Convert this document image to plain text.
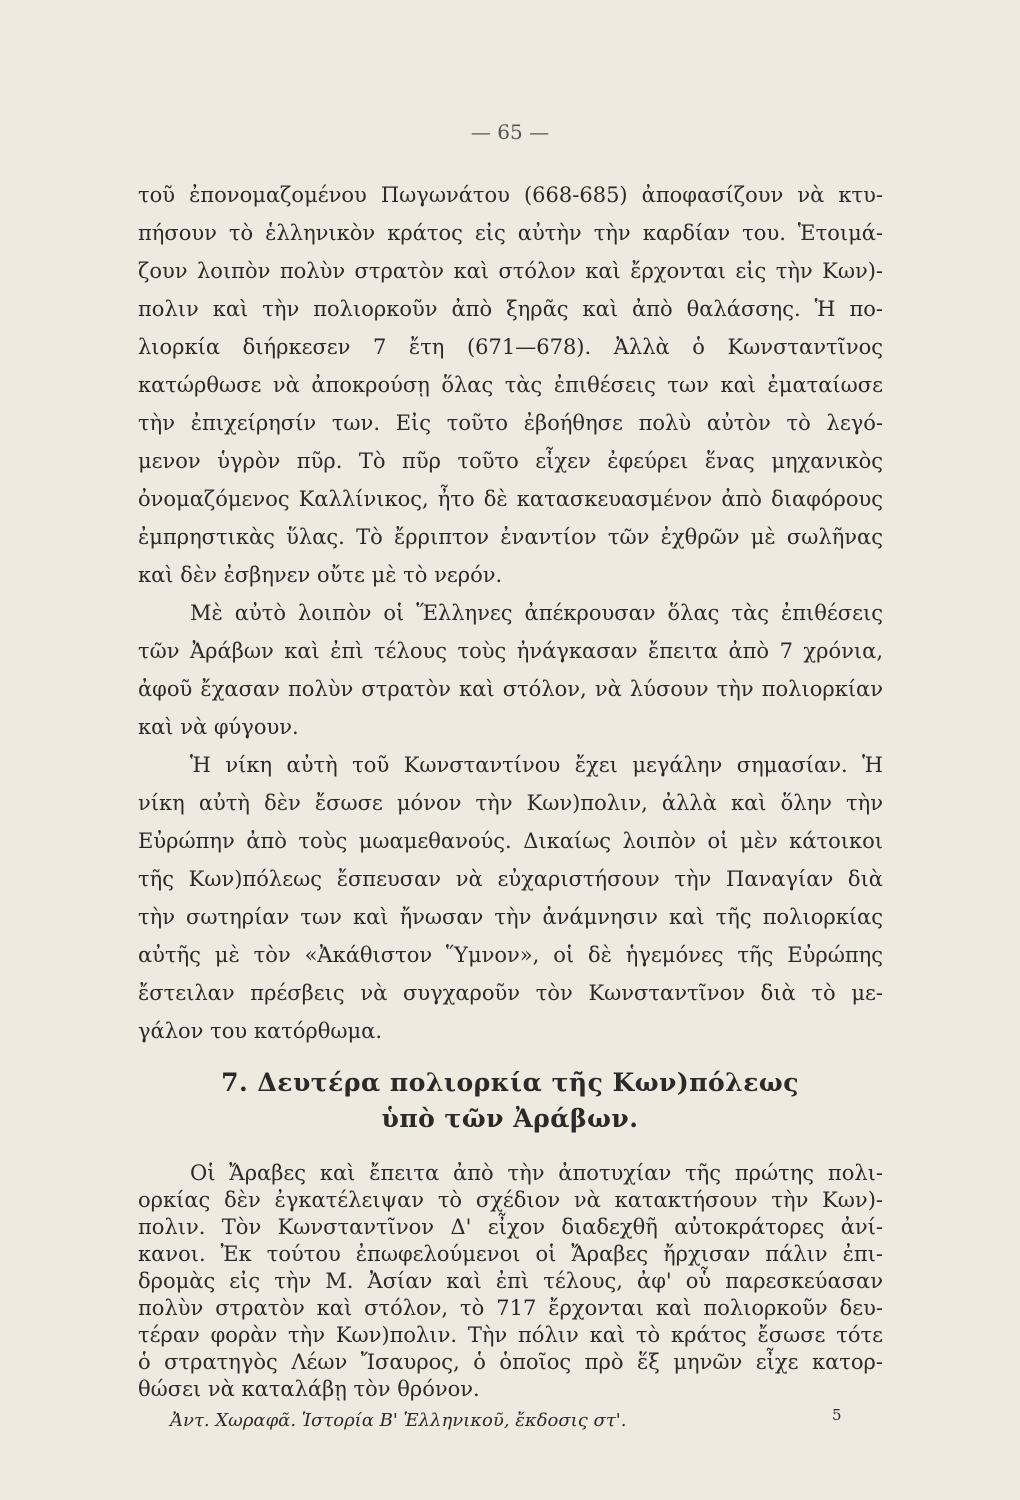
— 65 —
τοῦ ἐπονομαζομένου Πωγωνάτου (668-685) ἀποφασίζουν νὰ κτυ-
πήσουν τὸ ἑλληνικὸν κράτος εἰς αὐτὴν τὴν καρδίαν του. Ἑτοιμά-
ζουν λοιπὸν πολὺν στρατὸν καὶ στόλον καὶ ἔρχονται εἰς τὴν Κων)-
πολιν καὶ τὴν πολιορκοῦν ἀπὸ ξηρᾶς καὶ ἀπὸ θαλάσσης. Ἡ πο-
λιορκία διήρκεσεν 7 ἔτη (671—678). Ἀλλὰ ὁ Κωνσταντῖνος
κατώρθωσε νὰ ἀποκρούσῃ ὅλας τὰς ἐπιθέσεις των καὶ ἐματαίωσε
τὴν ἐπιχείρησίν των. Εἰς τοῦτο ἐβοήθησε πολὺ αὐτὸν τὸ λεγό-
μενον ὑγρὸν πῦρ. Τὸ πῦρ τοῦτο εἶχεν ἐφεύρει ἕνας μηχανικὸς
ὀνομαζόμενος Καλλίνικος, ἦτο δὲ κατασκευασμένον ἀπὸ διαφόρους
ἐμπρηστικὰς ὕλας. Τὸ ἔρριπτον ἐναντίον τῶν ἐχθρῶν μὲ σωλῆνας
καὶ δὲν ἐσβηνεν οὔτε μὲ τὸ νερόν.
Μὲ αὐτὸ λοιπὸν οἱ Ἕλληνες ἀπέκρουσαν ὅλας τὰς ἐπιθέσεις
τῶν Ἀράβων καὶ ἐπὶ τέλους τοὺς ἠνάγκασαν ἔπειτα ἀπὸ 7 χρόνια,
ἀφοῦ ἔχασαν πολὺν στρατὸν καὶ στόλον, νὰ λύσουν τὴν πολιορκίαν
καὶ νὰ φύγουν.
Ἡ νίκη αὐτὴ τοῦ Κωνσταντίνου ἔχει μεγάλην σημασίαν. Ἡ
νίκη αὐτὴ δὲν ἔσωσε μόνον τὴν Κων)πολιν, ἀλλὰ καὶ ὅλην τὴν
Εὐρώπην ἀπὸ τοὺς μωαμεθανούς. Δικαίως λοιπὸν οἱ μὲν κάτοικοι
τῆς Κων)πόλεως ἔσπευσαν νὰ εὐχαριστήσουν τὴν Παναγίαν διὰ
τὴν σωτηρίαν των καὶ ἤνωσαν τὴν ἀνάμνησιν καὶ τῆς πολιορκίας
αὐτῆς μὲ τὸν «Ἀκάθιστον Ὕμνον», οἱ δὲ ἡγεμόνες τῆς Εὐρώπης
ἔστειλαν πρέσβεις νὰ συγχαροῦν τὸν Κωνσταντῖνον διὰ τὸ με-
γάλον του κατόρθωμα.
7. Δευτέρα πολιορκία τῆς Κων)πόλεως
ὑπὸ τῶν Ἀράβων.
Οἱ Ἄραβες καὶ ἔπειτα ἀπὸ τὴν ἀποτυχίαν τῆς πρώτης πολι-
ορκίας δὲν ἐγκατέλειψαν τὸ σχέδιον νὰ κατακτήσουν τὴν Κων)-
πολιν. Τὸν Κωνσταντῖνον Δ' εἶχον διαδεχθῆ αὐτοκράτορες ἀνί-
κανοι. Ἐκ τούτου ἐπωφελούμενοι οἱ Ἄραβες ἤρχισαν πάλιν ἐπι-
δρομὰς εἰς τὴν Μ. Ἀσίαν καὶ ἐπὶ τέλους, ἀφ' οὗ παρεσκεύασαν
πολὺν στρατὸν καὶ στόλον, τὸ 717 ἔρχονται καὶ πολιορκοῦν δευ-
τέραν φορὰν τὴν Κων)πολιν. Τὴν πόλιν καὶ τὸ κράτος ἔσωσε τότε
ὁ στρατηγὸς Λέων Ἴσαυρος, ὁ ὁποῖος πρὸ ἕξ μηνῶν εἶχε κατορ-
θώσει νὰ καταλάβῃ τὸν θρόνον.
Ἀντ. Χωραφᾶ. Ἱστορία Β' Ἑλληνικοῦ, ἔκδοσις στ'.	5
